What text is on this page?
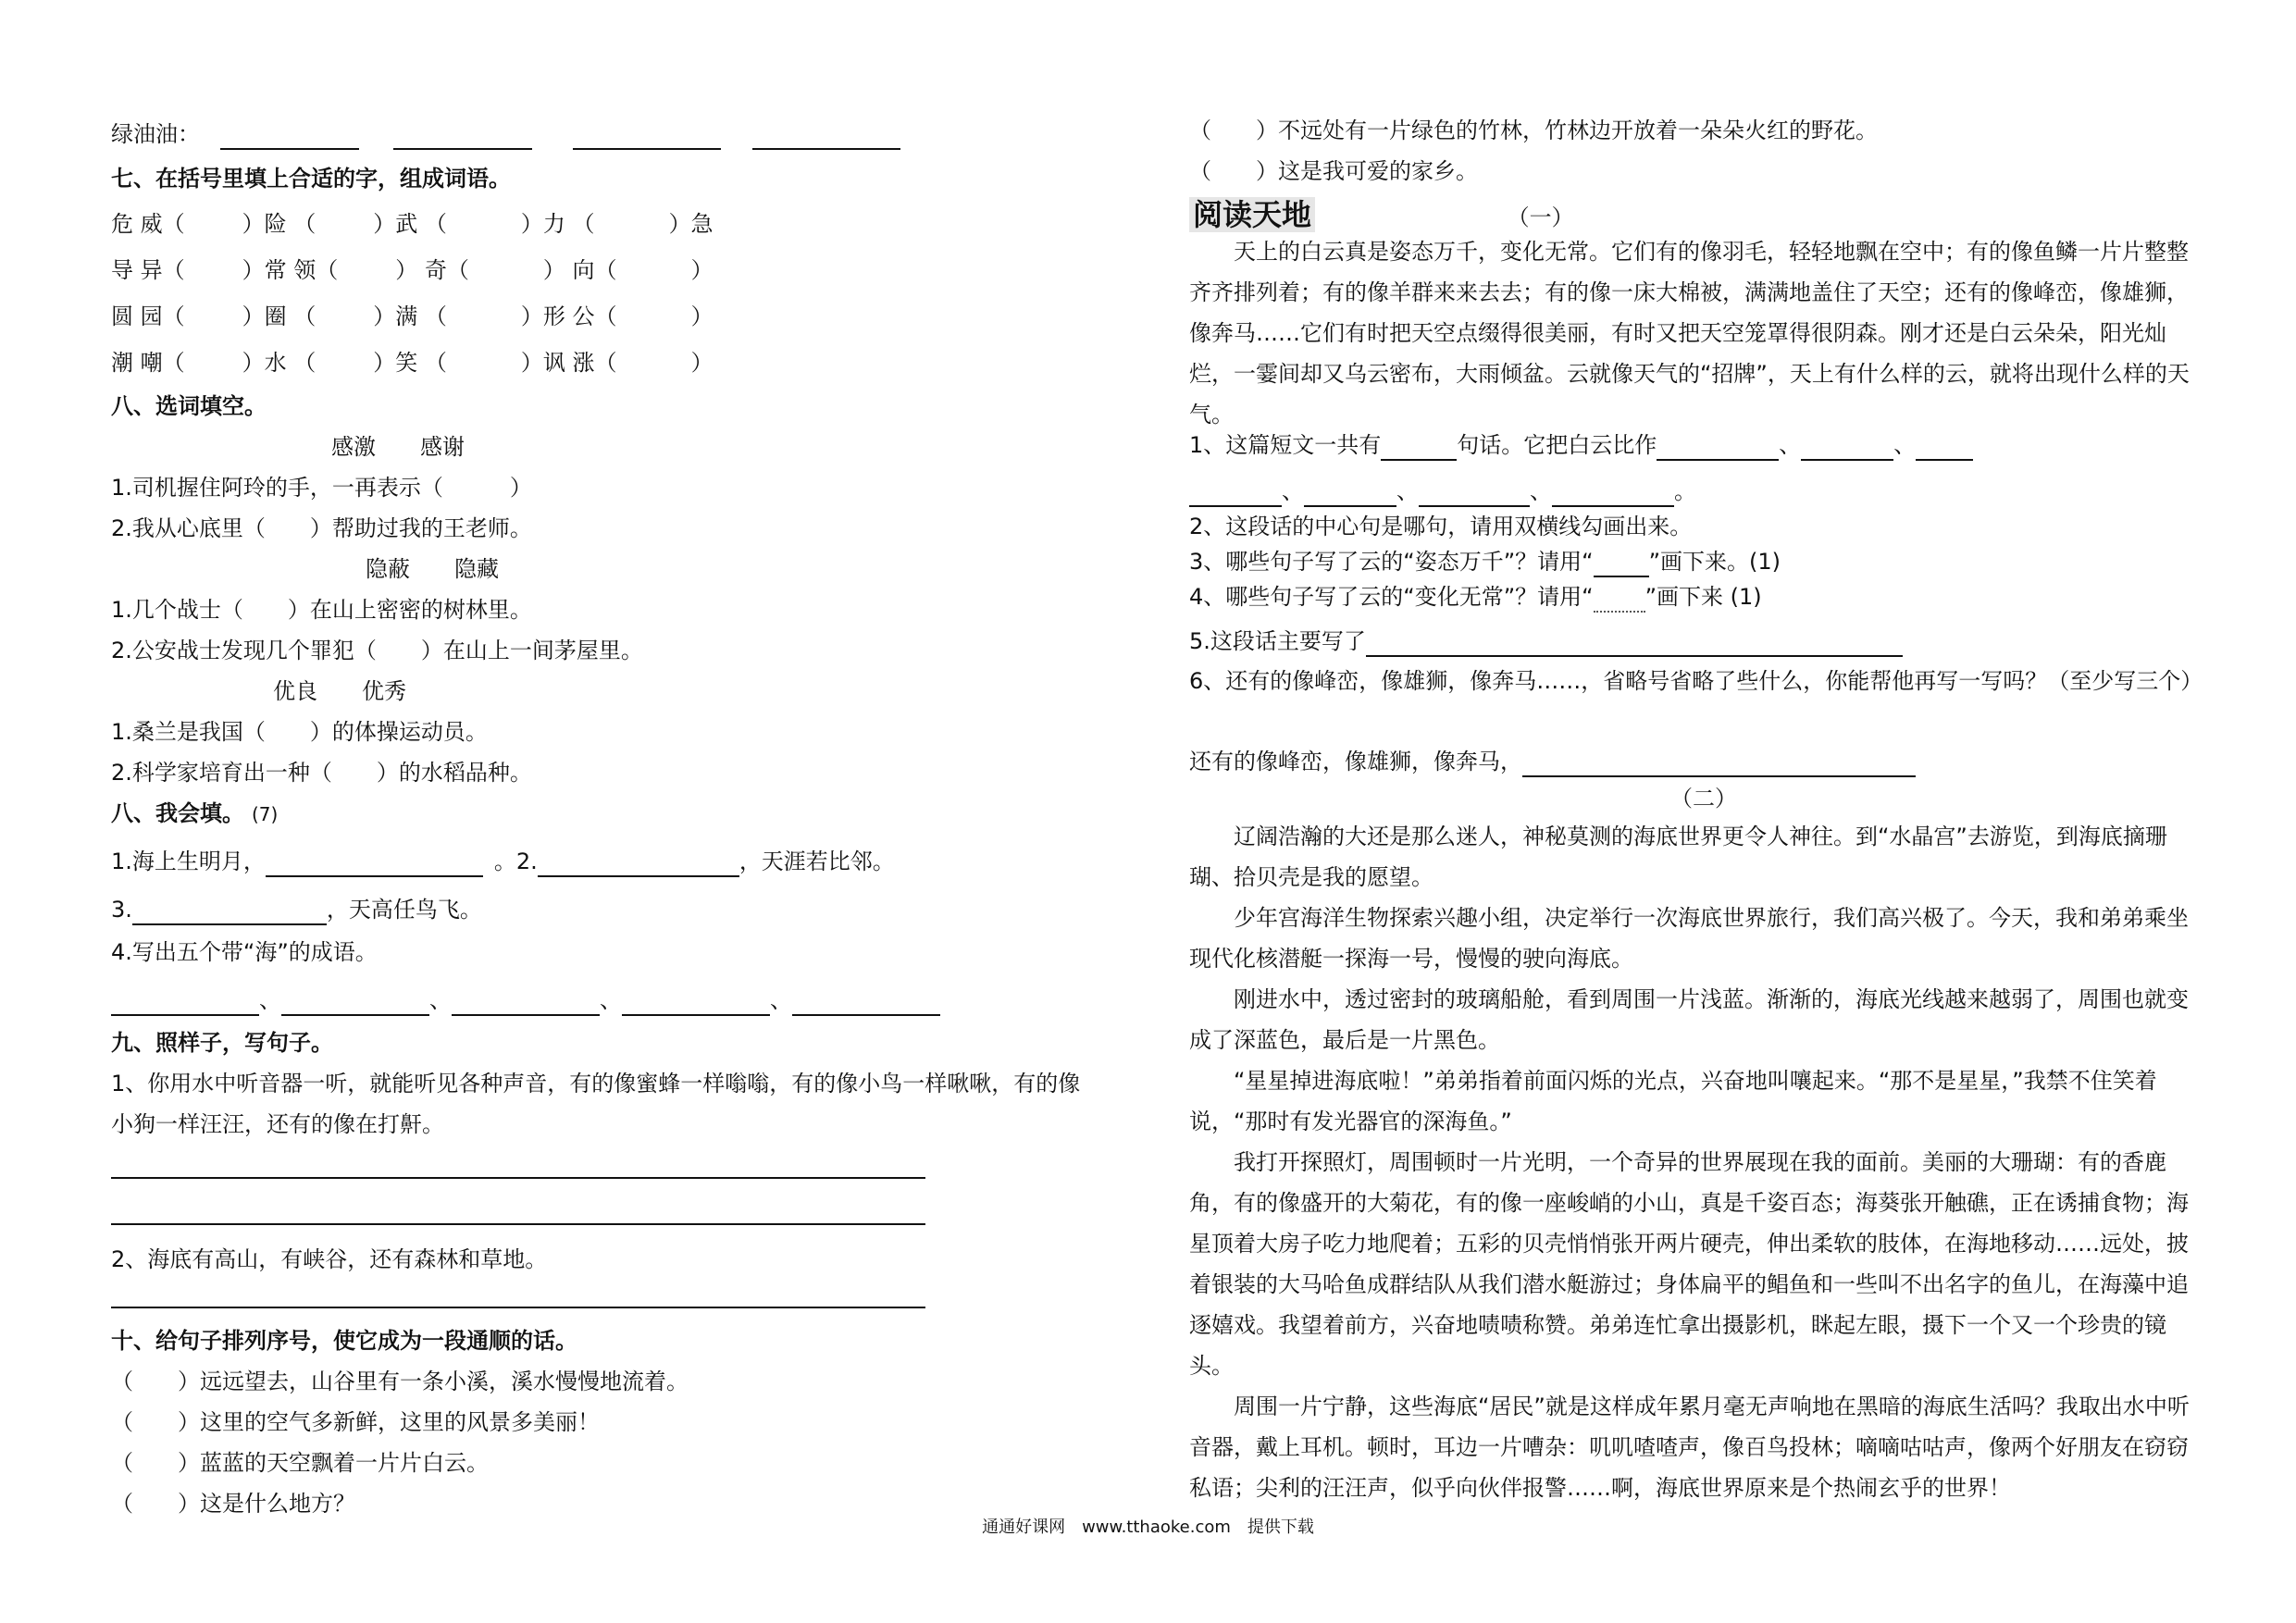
绿油油：
七、在括号里填上合适的字，组成词语。
危 威（	）险 （	）武 （	）力 （	）急
导 异（	）常 领（	） 奇（	） 向（	）
圆 园（	）圈 （	）满 （	）形 公（	）
潮 嘲（	）水 （	）笑 （	）讽 涨（	）
八、选词填空。
感激　　感谢
1.司机握住阿玲的手，一再表示（　　　）
2.我从心底里（　　）帮助过我的王老师。
隐蔽　　隐藏
1.几个战士（　　）在山上密密的树林里。
2.公安战士发现几个罪犯（　　）在山上一间茅屋里。
优良　　优秀
1.桑兰是我国（　　）的体操运动员。
2.科学家培育出一种（　　）的水稻品种。
八、我会填。 (7)
1.海上生明月，	。2.	，天涯若比邻。
3.	，天高任鸟飞。
4.写出五个带“海”的成语。
、	、	、	、
九、照样子，写句子。
1、你用水中听音器一听，就能听见各种声音，有的像蜜蜂一样嗡嗡，有的像小鸟一样啾啾，有的像
小狗一样汪汪，还有的像在打鼾。
2、海底有高山，有峡谷，还有森林和草地。
十、给句子排列序号，使它成为一段通顺的话。
（　　）远远望去，山谷里有一条小溪，溪水慢慢地流着。
（　　）这里的空气多新鲜，这里的风景多美丽！
（　　）蓝蓝的天空飘着一片片白云。
（　　）这是什么地方？
（　　）不远处有一片绿色的竹林，竹林边开放着一朵朵火红的野花。
（　　）这是我可爱的家乡。
阅读天地	（一）
天上的白云真是姿态万千，变化无常。它们有的像羽毛，轻轻地飘在空中；有的像鱼鳞一片片整整齐齐排列着；有的像羊群来来去去；有的像一床大棉被，满满地盖住了天空；还有的像峰峦，像雄狮，像奔马……它们有时把天空点缀得很美丽，有时又把天空笼罩得很阴森。刚才还是白云朵朵，阳光灿烂，一霎间却又乌云密布，大雨倾盆。云就像天气的“招牌”，天上有什么样的云，就将出现什么样的天气。
1、这篇短文一共有	句话。它把白云比作	、	、
、	、	、	。
2、这段话的中心句是哪句，请用双横线勾画出来。
3、哪些句子写了云的“姿态万千”？请用“	”画下来。(1)
4、哪些句子写了云的“变化无常”？请用“ ”画下来 (1)
5.这段话主要写了
6、还有的像峰峦，像雄狮，像奔马……，省略号省略了些什么，你能帮他再写一写吗？（至少写三个）
还有的像峰峦，像雄狮，像奔马，
（二）
辽阔浩瀚的大还是那么迷人，神秘莫测的海底世界更令人神往。到“水晶宫”去游览，到海底摘珊瑚、拾贝壳是我的愿望。
少年宫海洋生物探索兴趣小组，决定举行一次海底世界旅行，我们高兴极了。今天，我和弟弟乘坐现代化核潜艇一探海一号，慢慢的驶向海底。
刚进水中，透过密封的玻璃船舱，看到周围一片浅蓝。渐渐的，海底光线越来越弱了，周围也就变成了深蓝色，最后是一片黑色。
“星星掉进海底啦！”弟弟指着前面闪烁的光点，兴奋地叫嚷起来。“那不是星星，”我禁不住笑着说，“那时有发光器官的深海鱼。”
我打开探照灯，周围顿时一片光明，一个奇异的世界展现在我的面前。美丽的大珊瑚：有的香鹿角，有的像盛开的大菊花，有的像一座峻峭的小山，真是千姿百态；海葵张开触礁，正在诱捕食物；海星顶着大房子吃力地爬着；五彩的贝壳悄悄张开两片硬壳，伸出柔软的肢体，在海地移动……远处，披着银装的大马哈鱼成群结队从我们潜水艇游过；身体扁平的鲳鱼和一些叫不出名字的鱼儿，在海藻中追逐嬉戏。我望着前方，兴奋地啧啧称赞。弟弟连忙拿出摄影机，眯起左眼，摄下一个又一个珍贵的镜头。
周围一片宁静，这些海底“居民”就是这样成年累月毫无声响地在黑暗的海底生活吗？我取出水中听音器，戴上耳机。顿时，耳边一片嘈杂：叽叽喳喳声，像百鸟投林；嘀嘀咕咕声，像两个好朋友在窃窃私语；尖利的汪汪声，似乎向伙伴报警……啊，海底世界原来是个热闹玄乎的世界！
通通好课网　www.tthaoke.com　提供下载
